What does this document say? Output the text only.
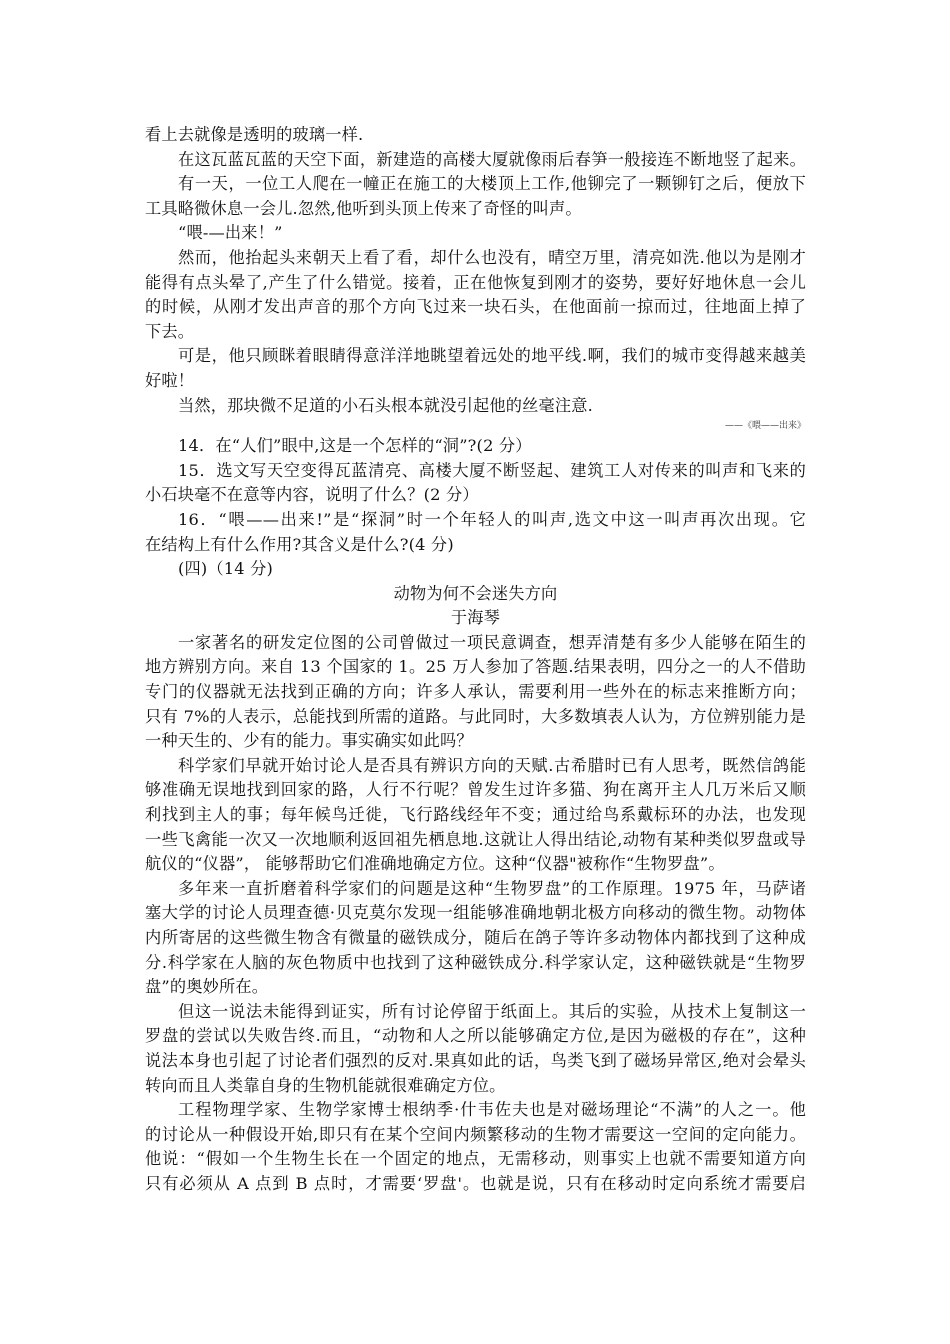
看上去就像是透明的玻璃一样.
在这瓦蓝瓦蓝的天空下面，新建造的高楼大厦就像雨后春笋一般接连不断地竖了起来。
有一天，一位工人爬在一幢正在施工的大楼顶上工作,他铆完了一颗铆钉之后，便放下
工具略微休息一会儿.忽然,他听到头顶上传来了奇怪的叫声。
“喂-—出来！”
然而，他抬起头来朝天上看了看，却什么也没有，晴空万里，清亮如洗.他以为是刚才
能得有点头晕了,产生了什么错觉。接着，正在他恢复到刚才的姿势，要好好地休息一会儿
的时候，从刚才发出声音的那个方向飞过来一块石头，在他面前一掠而过，往地面上掉了
下去。
可是，他只顾眯着眼睛得意洋洋地眺望着远处的地平线.啊，我们的城市变得越来越美
好啦！
当然，那块微不足道的小石头根本就没引起他的丝毫注意.
——《喂——出来》
14．在“人们”眼中,这是一个怎样的“洞”?(2 分）
15．选文写天空变得瓦蓝清亮、高楼大厦不断竖起、建筑工人对传来的叫声和飞来的
小石块毫不在意等内容，说明了什么？(2 分）
16．“喂——出来!”是“探洞”时一个年轻人的叫声,选文中这一叫声再次出现。它
在结构上有什么作用?其含义是什么?(4 分)
(四)（14 分)
动物为何不会迷失方向
于海琴
一家著名的研发定位图的公司曾做过一项民意调查，想弄清楚有多少人能够在陌生的
地方辨别方向。来自 13 个国家的 1。25 万人参加了答题.结果表明，四分之一的人不借助
专门的仪器就无法找到正确的方向；许多人承认，需要利用一些外在的标志来推断方向；
只有 7%的人表示，总能找到所需的道路。与此同时，大多数填表人认为，方位辨别能力是
一种天生的、少有的能力。事实确实如此吗？
科学家们早就开始讨论人是否具有辨识方向的天赋.古希腊时已有人思考，既然信鸽能
够准确无误地找到回家的路，人行不行呢？曾发生过许多猫、狗在离开主人几万米后又顺
利找到主人的事；每年候鸟迁徙，飞行路线经年不变；通过给鸟系戴标环的办法，也发现
一些飞禽能一次又一次地顺利返回祖先栖息地.这就让人得出结论,动物有某种类似罗盘或导
航仪的“仪器”， 能够帮助它们准确地确定方位。这种“仪器"被称作“生物罗盘”。
多年来一直折磨着科学家们的问题是这种“生物罗盘”的工作原理。1975 年，马萨诸
塞大学的讨论人员理查德·贝克莫尔发现一组能够准确地朝北极方向移动的微生物。动物体
内所寄居的这些微生物含有微量的磁铁成分，随后在鸽子等许多动物体内都找到了这种成
分.科学家在人脑的灰色物质中也找到了这种磁铁成分.科学家认定，这种磁铁就是“生物罗
盘”的奥妙所在。
但这一说法未能得到证实，所有讨论停留于纸面上。其后的实验，从技术上复制这一
罗盘的尝试以失败告终.而且，“动物和人之所以能够确定方位,是因为磁极的存在”，这种
说法本身也引起了讨论者们强烈的反对.果真如此的话，鸟类飞到了磁场异常区,绝对会晕头
转向而且人类靠自身的生物机能就很难确定方位。
工程物理学家、生物学家博士根纳季·什韦佐夫也是对磁场理论“不满”的人之一。他
的讨论从一种假设开始,即只有在某个空间内频繁移动的生物才需要这一空间的定向能力。
他说：“假如一个生物生长在一个固定的地点，无需移动，则事实上也就不需要知道方向
只有必须从 A 点到 B 点时，才需要‘罗盘'。也就是说，只有在移动时定向系统才需要启
